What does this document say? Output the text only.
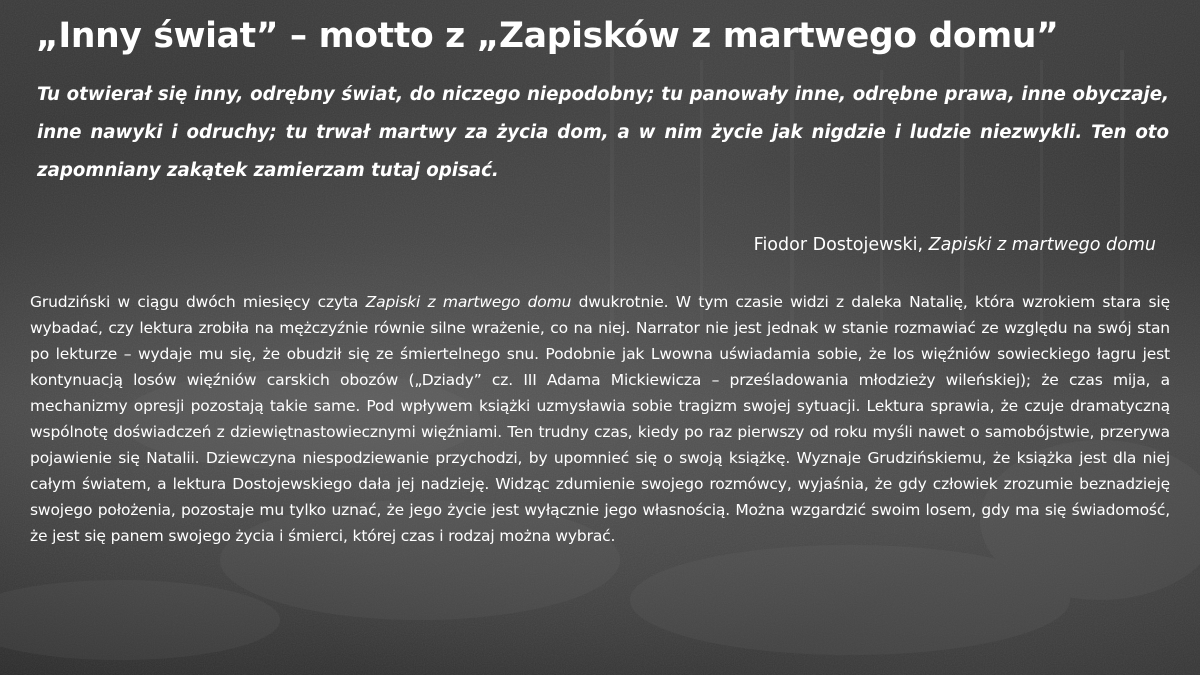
„Inny świat” – motto z „Zapisków z martwego domu”

Tu otwierał się inny, odrębny świat, do niczego niepodobny; tu panowały inne, odrębne prawa, inne obyczaje, inne nawyki i odruchy; tu trwał martwy za życia dom, a w nim życie jak nigdzie i ludzie niezwykli. Ten oto zapomniany zakątek zamierzam tutaj opisać.

Fiodor Dostojewski, Zapiski z martwego domu

Grudziński w ciągu dwóch miesięcy czyta Zapiski z martwego domu dwukrotnie. W tym czasie widzi z daleka Natalię, która wzrokiem stara się wybadać, czy lektura zrobiła na mężczyźnie równie silne wrażenie, co na niej. Narrator nie jest jednak w stanie rozmawiać ze względu na swój stan po lekturze – wydaje mu się, że obudził się ze śmiertelnego snu. Podobnie jak Lwowna uświadamia sobie, że los więźniów sowieckiego łagru jest kontynuacją losów więźniów carskich obozów („Dziady” cz. III Adama Mickiewicza – prześladowania młodzieży wileńskiej); że czas mija, a mechanizmy opresji pozostają takie same. Pod wpływem książki uzmysławia sobie tragizm swojej sytuacji. Lektura sprawia, że czuje dramatyczną wspólnotę doświadczeń z dziewiętnastowiecznymi więźniami. Ten trudny czas, kiedy po raz pierwszy od roku myśli nawet o samobójstwie, przerywa pojawienie się Natalii. Dziewczyna niespodziewanie przychodzi, by upomnieć się o swoją książkę. Wyznaje Grudzińskiemu, że książka jest dla niej całym światem, a lektura Dostojewskiego dała jej nadzieję. Widząc zdumienie swojego rozmówcy, wyjaśnia, że gdy człowiek zrozumie beznadzieję swojego położenia, pozostaje mu tylko uznać, że jego życie jest wyłącznie jego własnością. Można wzgardzić swoim losem, gdy ma się świadomość, że jest się panem swojego życia i śmierci, której czas i rodzaj można wybrać.
